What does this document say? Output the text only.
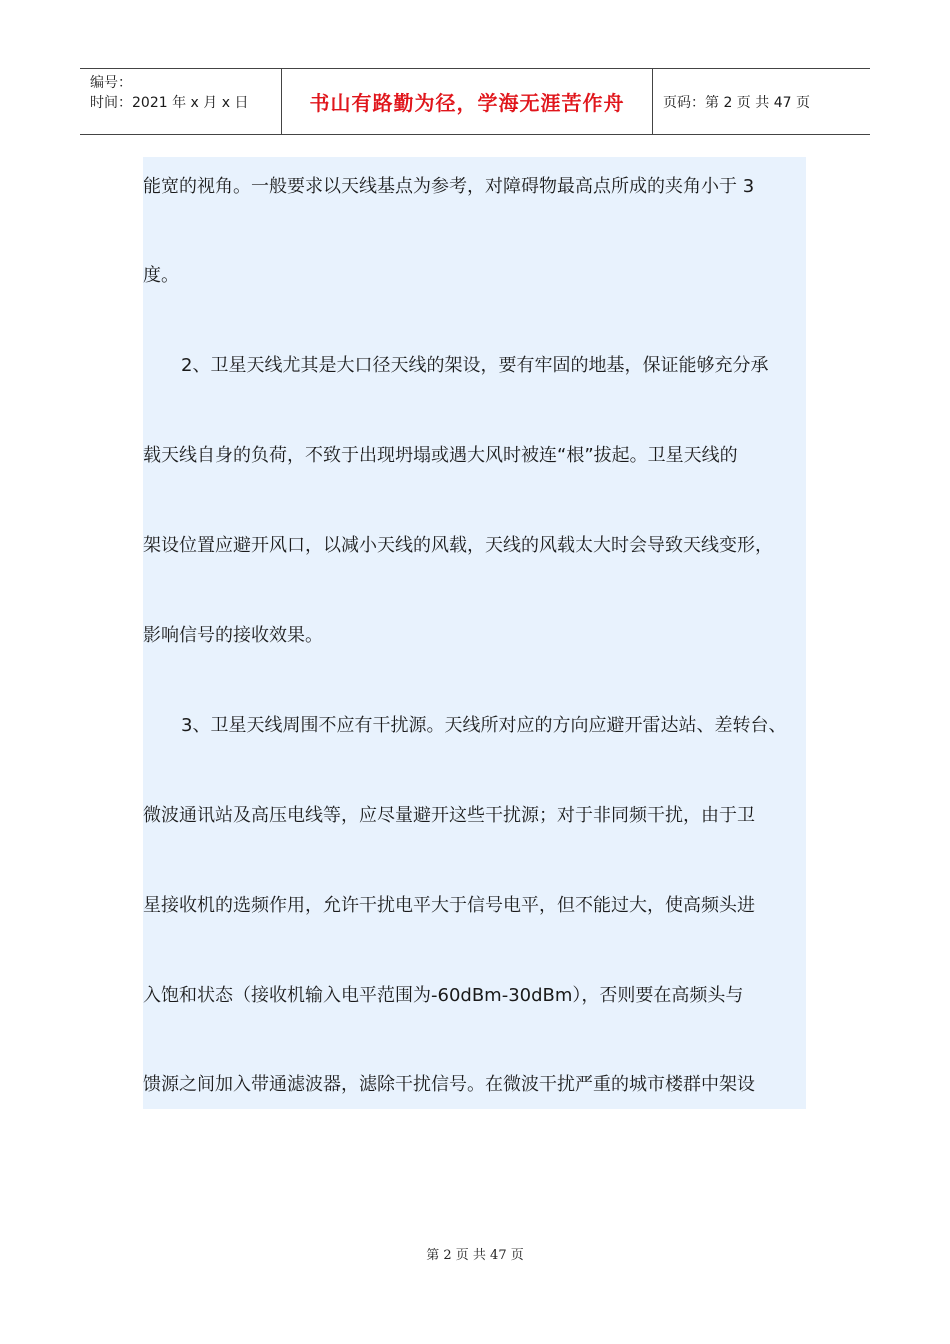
编号：
时间：2021 年 x 月 x 日	书山有路勤为径，学海无涯苦作舟	页码：第 2 页 共 47 页
能宽的视角。一般要求以天线基点为参考，对障碍物最高点所成的夹角小于 3
度。
2、卫星天线尤其是大口径天线的架设，要有牢固的地基，保证能够充分承
载天线自身的负荷，不致于出现坍塌或遇大风时被连“根”拔起。卫星天线的
架设位置应避开风口，以减小天线的风载，天线的风载太大时会导致天线变形，
影响信号的接收效果。
3、卫星天线周围不应有干扰源。天线所对应的方向应避开雷达站、差转台、
微波通讯站及高压电线等，应尽量避开这些干扰源；对于非同频干扰，由于卫
星接收机的选频作用，允许干扰电平大于信号电平，但不能过大，使高频头进
入饱和状态（接收机输入电平范围为-60dBm-30dBm），否则要在高频头与
馈源之间加入带通滤波器，滤除干扰信号。在微波干扰严重的城市楼群中架设
第 2 页 共 47 页
